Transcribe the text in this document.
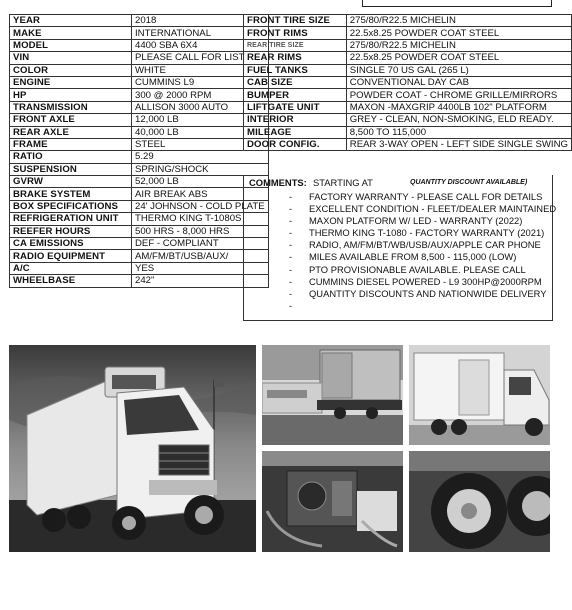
YEAR	2018
MAKE	INTERNATIONAL
MODEL	4400 SBA 6X4
VIN	PLEASE CALL FOR LIST
COLOR	WHITE
ENGINE	CUMMINS L9
HP	300 @ 2000 RPM
TRANSMISSION	ALLISON 3000 AUTO
FRONT AXLE	12,000 LB
REAR AXLE	40,000 LB
FRAME	STEEL
RATIO	5.29
SUSPENSION	SPRING/SHOCK
GVRW	52,000 LB
BRAKE SYSTEM	AIR BREAK ABS
BOX SPECIFICATIONS	24' JOHNSON - COLD PLATE
REFRIGERATION UNIT	THERMO KING T-1080S
REEFER HOURS	500 HRS - 8,000 HRS
CA EMISSIONS	DEF - COMPLIANT
RADIO EQUIPMENT	AM/FM/BT/USB/AUX/
A/C	YES
WHEELBASE	242"
FRONT TIRE SIZE	275/80/R22.5 MICHELIN
FRONT RIMS	22.5x8.25 POWDER COAT STEEL
REAR TIRE SIZE	275/80/R22.5 MICHELIN
REAR RIMS	22.5x8.25 POWDER COAT STEEL
FUEL TANKS	SINGLE 70 US GAL (265 L)
CAB SIZE	CONVENTIONAL DAY CAB
BUMPER	POWDER COAT - CHROME GRILLE/MIRRORS
LIFTGATE UNIT	MAXON -MAXGRIP 4400LB 102" PLATFORM
INTERIOR	GREY - CLEAN, NON-SMOKING, ELD READY.
MILEAGE	8,500 TO 115,000
DOOR CONFIG.	REAR 3-WAY OPEN - LEFT SIDE SINGLE SWING
COMMENTS: STARTING AT	QUANTITY DISCOUNT AVAILABLE)
- FACTORY WARRANTY - PLEASE CALL FOR DETAILS
- EXCELLENT CONDITION - FLEET/DEALER MAINTAINED
- MAXON PLATFORM W/ LED - WARRANTY (2022)
- THERMO KING T-1080 - FACTORY WARRANTY (2021)
- RADIO, AM/FM/BT/WB/USB/AUX/APPLE CAR PHONE
- MILES AVAILABLE FROM 8,500 - 115,000 (LOW)
- PTO PROVISIONABLE AVAILABLE. PLEASE CALL
- CUMMINS DIESEL POWERED - L9 300HP@2000RPM
- QUANTITY DISCOUNTS AND NATIONWIDE DELIVERY
-
